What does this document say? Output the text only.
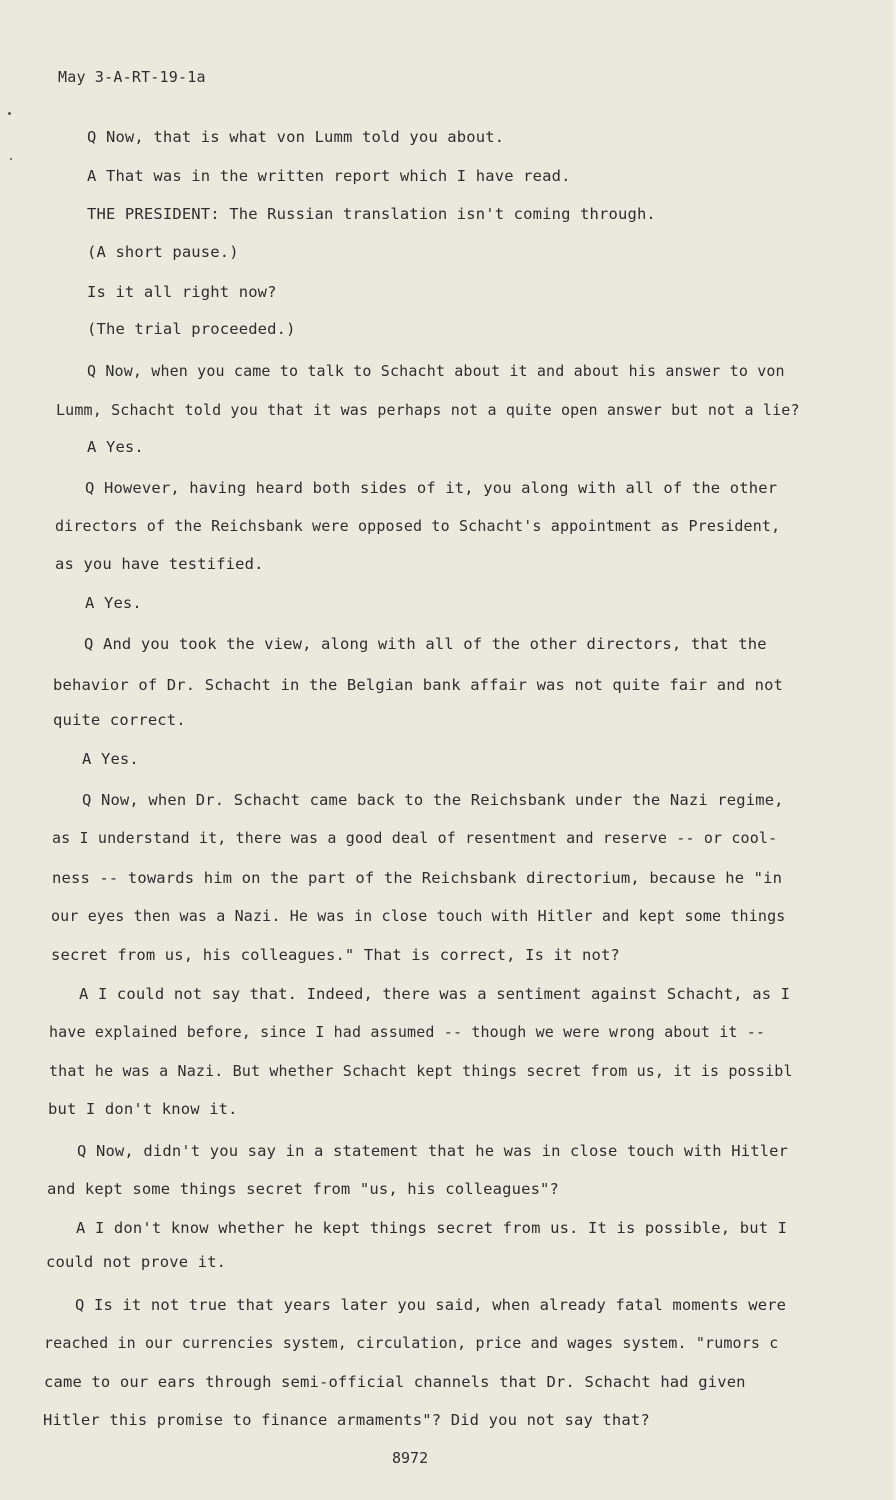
May 3-A-RT-19-1a
Q Now, that is what von Lumm told you about.
A That was in the written report which I have read.
THE PRESIDENT: The Russian translation isn't coming through.
(A short pause.)
Is it all right now?
(The trial proceeded.)
Q Now, when you came to talk to Schacht about it and about his answer to von
Lumm, Schacht told you that it was perhaps not a quite open answer but not a lie?
A Yes.
Q However, having heard both sides of it, you along with all of the other
directors of the Reichsbank were opposed to Schacht's appointment as President,
as you have testified.
A Yes.
Q And you took the view, along with all of the other directors, that the
behavior of Dr. Schacht in the Belgian bank affair was not quite fair and not
quite correct.
A Yes.
Q Now, when Dr. Schacht came back to the Reichsbank under the Nazi regime,
as I understand it, there was a good deal of resentment and reserve -- or cool-
ness -- towards him on the part of the Reichsbank directorium, because he "in
our eyes then was a Nazi. He was in close touch with Hitler and kept some things
secret from us, his colleagues." That is correct, Is it not?
A I could not say that. Indeed, there was a sentiment against Schacht, as I
have explained before, since I had assumed -- though we were wrong about it --
that he was a Nazi. But whether Schacht kept things secret from us, it is possibl
but I don't know it.
Q Now, didn't you say in a statement that he was in close touch with Hitler
and kept some things secret from "us, his colleagues"?
A I don't know whether he kept things secret from us. It is possible, but I
could not prove it.
Q Is it not true that years later you said, when already fatal moments were
reached in our currencies system, circulation, price and wages system. "rumors c
came to our ears through semi-official channels that Dr. Schacht had given
Hitler this promise to finance armaments"? Did you not say that?
8972
